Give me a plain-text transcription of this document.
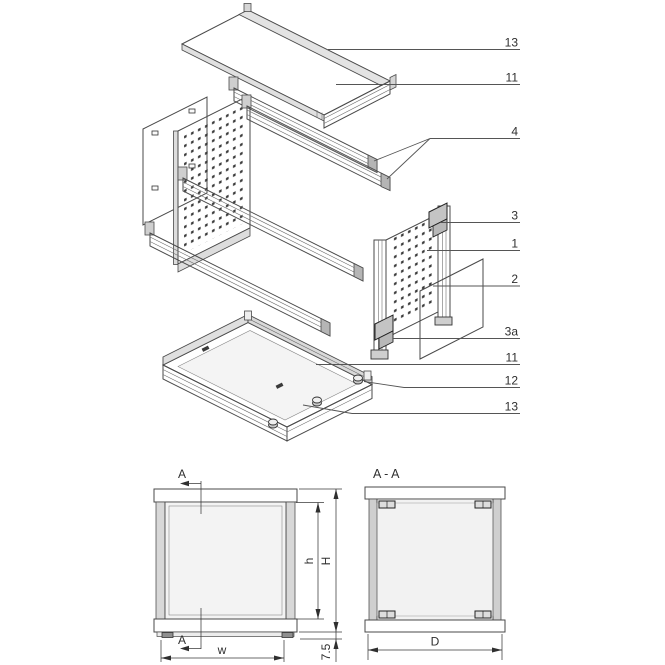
13
11
4
3
1
2
3a
11
12
13
A
A
w
h H
7.5
A - A
D
